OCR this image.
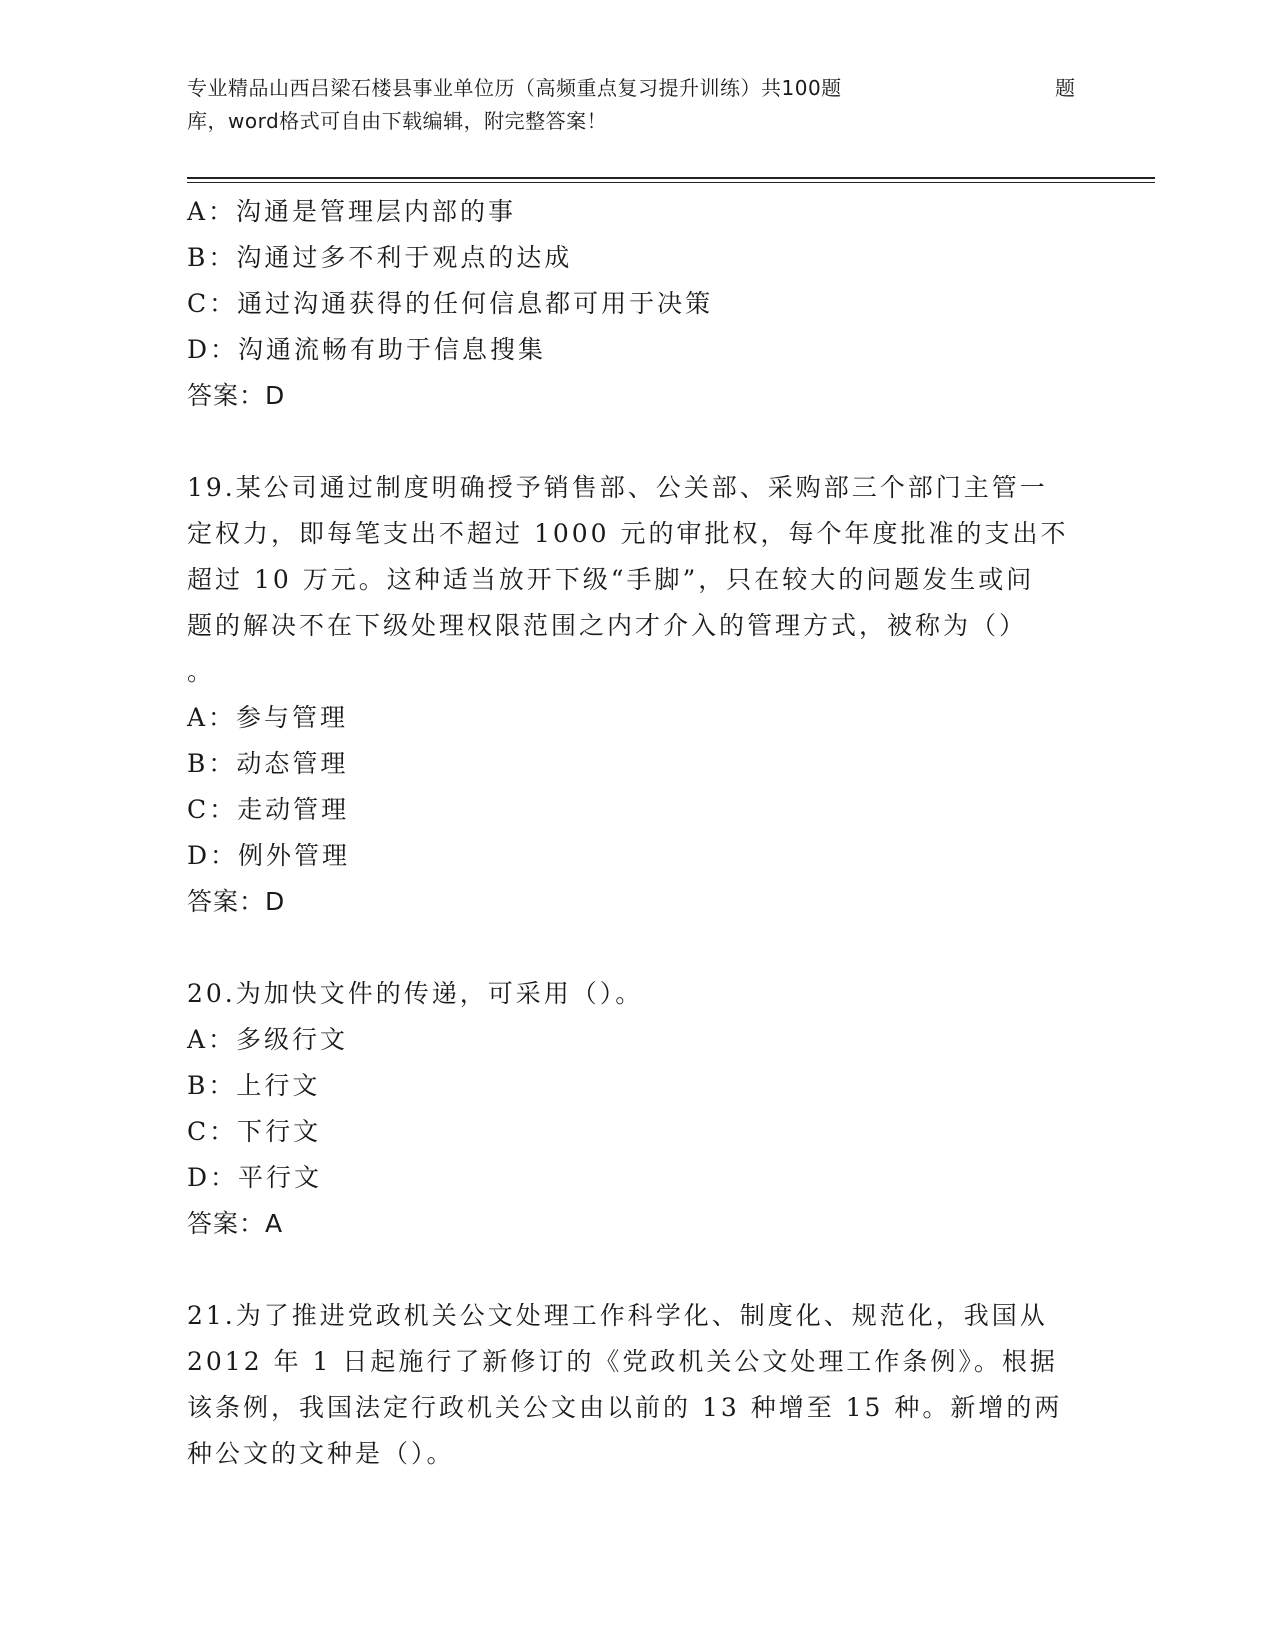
专业精品山西吕梁石楼县事业单位历（高频重点复习提升训练）共100题	题
库，word格式可自由下载编辑，附完整答案！
A：沟通是管理层内部的事
B：沟通过多不利于观点的达成
C：通过沟通获得的任何信息都可用于决策
D：沟通流畅有助于信息搜集
答案：D
19.某公司通过制度明确授予销售部、公关部、采购部三个部门主管一
定权力，即每笔支出不超过 1000 元的审批权，每个年度批准的支出不
超过 10 万元。这种适当放开下级“手脚”，只在较大的问题发生或问
题的解决不在下级处理权限范围之内才介入的管理方式，被称为（）
。
A：参与管理
B：动态管理
C：走动管理
D：例外管理
答案：D
20.为加快文件的传递，可采用（）。
A：多级行文
B：上行文
C：下行文
D：平行文
答案：A
21.为了推进党政机关公文处理工作科学化、制度化、规范化，我国从
2012 年 1 日起施行了新修订的《党政机关公文处理工作条例》。根据
该条例，我国法定行政机关公文由以前的 13 种增至 15 种。新增的两
种公文的文种是（）。
